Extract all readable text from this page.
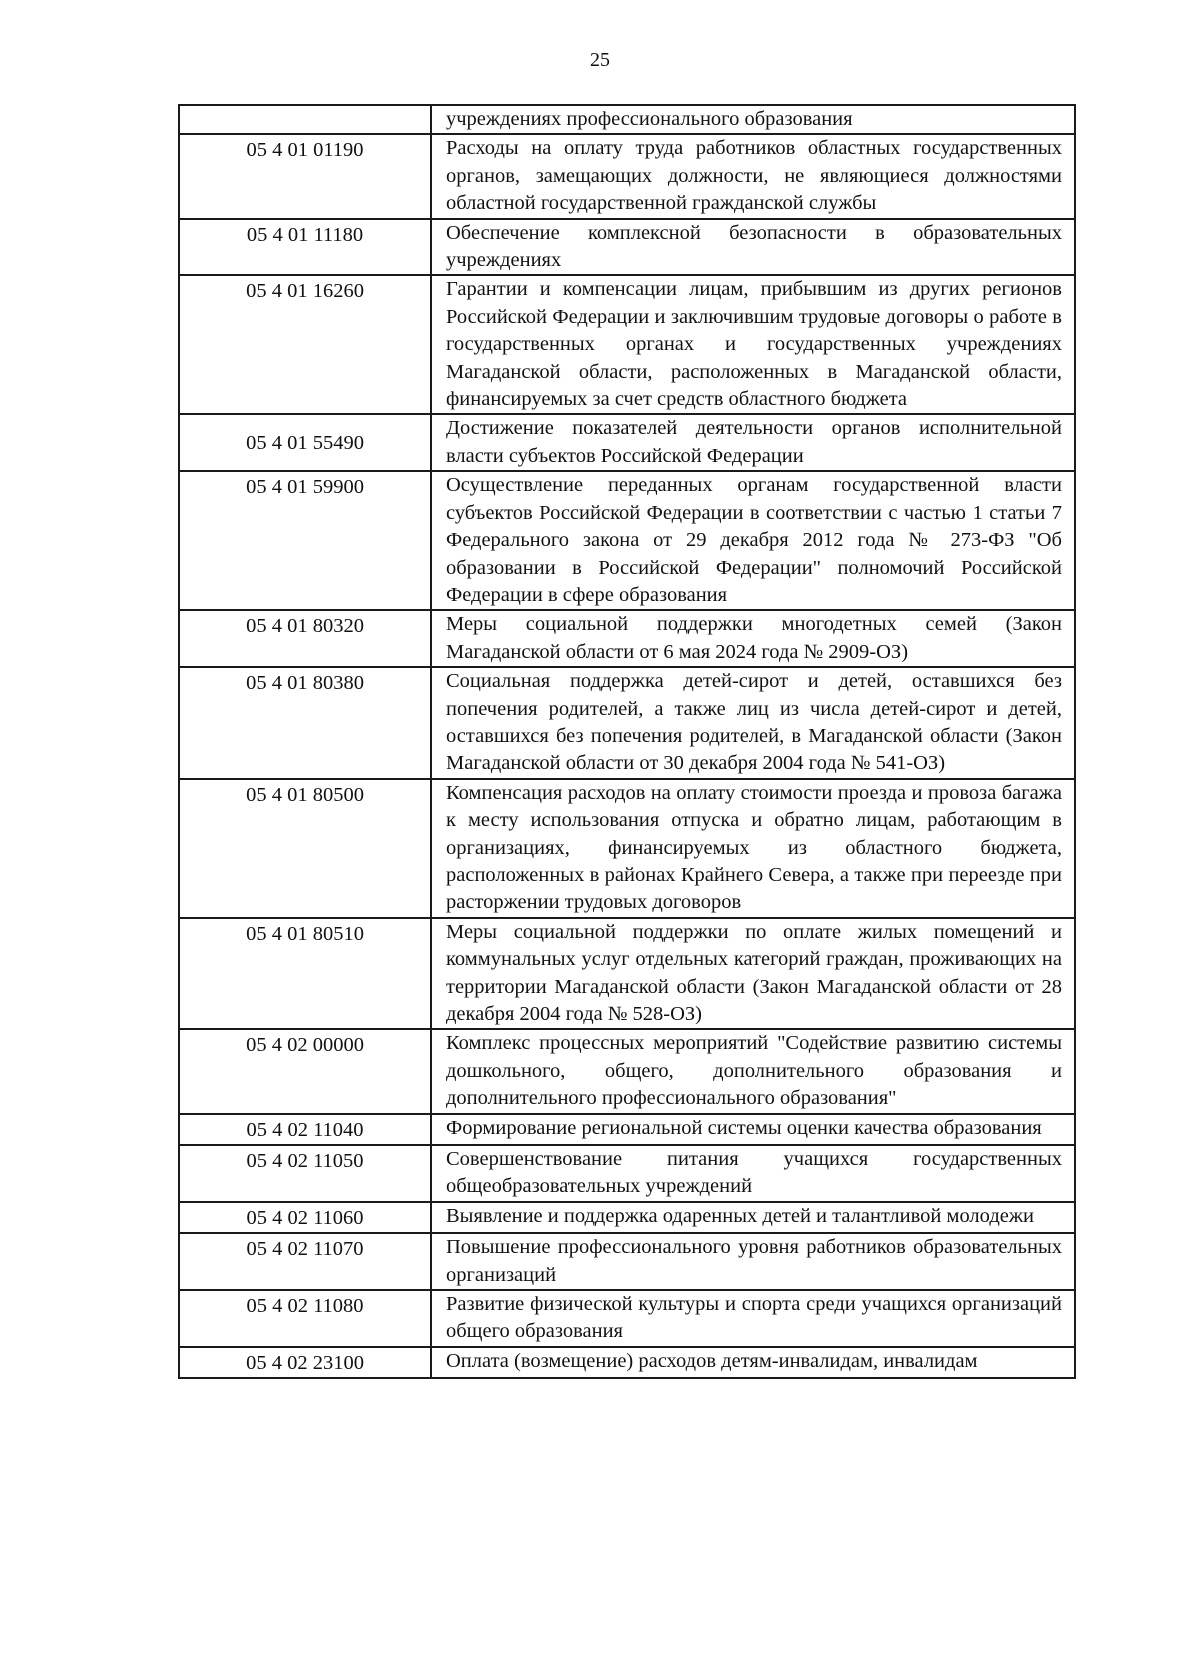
25
	учреждениях профессионального образования
05 4 01 01190	Расходы на оплату труда работников областных государственных органов, замещающих должности, не являющиеся должностями областной государственной гражданской службы
05 4 01 11180	Обеспечение комплексной безопасности в образовательных учреждениях
05 4 01 16260	Гарантии и компенсации лицам, прибывшим из других регионов Российской Федерации и заключившим трудовые договоры о работе в государственных органах и государственных учреждениях Магаданской области, расположенных в Магаданской области, финансируемых за счет средств областного бюджета
05 4 01 55490	Достижение показателей деятельности органов исполнительной власти субъектов Российской Федерации
05 4 01 59900	Осуществление переданных органам государственной власти субъектов Российской Федерации в соответствии с частью 1 статьи 7 Федерального закона от 29 декабря 2012 года № 273-ФЗ "Об образовании в Российской Федерации" полномочий Российской Федерации в сфере образования
05 4 01 80320	Меры социальной поддержки многодетных семей (Закон Магаданской области от 6 мая 2024 года № 2909-ОЗ)
05 4 01 80380	Социальная поддержка детей-сирот и детей, оставшихся без попечения родителей, а также лиц из числа детей-сирот и детей, оставшихся без попечения родителей, в Магаданской области (Закон Магаданской области от 30 декабря 2004 года № 541-ОЗ)
05 4 01 80500	Компенсация расходов на оплату стоимости проезда и провоза багажа к месту использования отпуска и обратно лицам, работающим в организациях, финансируемых из областного бюджета, расположенных в районах Крайнего Севера, а также при переезде при расторжении трудовых договоров
05 4 01 80510	Меры социальной поддержки по оплате жилых помещений и коммунальных услуг отдельных категорий граждан, проживающих на территории Магаданской области (Закон Магаданской области от 28 декабря 2004 года № 528-ОЗ)
05 4 02 00000	Комплекс процессных мероприятий "Содействие развитию системы дошкольного, общего, дополнительного образования и дополнительного профессионального образования"
05 4 02 11040	Формирование региональной системы оценки качества образования
05 4 02 11050	Совершенствование питания учащихся государственных общеобразовательных учреждений
05 4 02 11060	Выявление и поддержка одаренных детей и талантливой молодежи
05 4 02 11070	Повышение профессионального уровня работников образовательных организаций
05 4 02 11080	Развитие физической культуры и спорта среди учащихся организаций общего образования
05 4 02 23100	Оплата (возмещение) расходов детям-инвалидам, инвалидам
